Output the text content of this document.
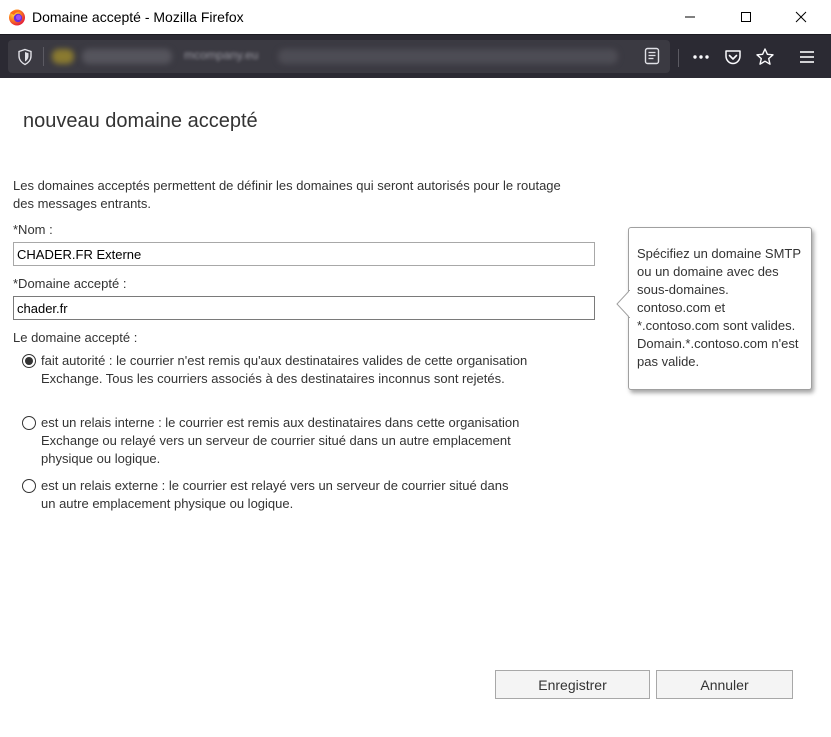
Domaine accepté - Mozilla Firefox
mcompany.eu
nouveau domaine accepté

Les domaines acceptés permettent de définir les domaines qui seront autorisés pour le routage des messages entrants.

*Nom :
CHADER.FR Externe
*Domaine accepté :
chader.fr
Le domaine accepté :
fait autorité : le courrier n'est remis qu'aux destinataires valides de cette organisation Exchange. Tous les courriers associés à des destinataires inconnus sont rejetés.
est un relais interne : le courrier est remis aux destinataires dans cette organisation Exchange ou relayé vers un serveur de courrier situé dans un autre emplacement physique ou logique.
est un relais externe : le courrier est relayé vers un serveur de courrier situé dans un autre emplacement physique ou logique.
Spécifiez un domaine SMTP ou un domaine avec des sous-domaines. contoso.com et *.contoso.com sont valides. Domain.*.contoso.com n'est pas valide.
Enregistrer	Annuler
